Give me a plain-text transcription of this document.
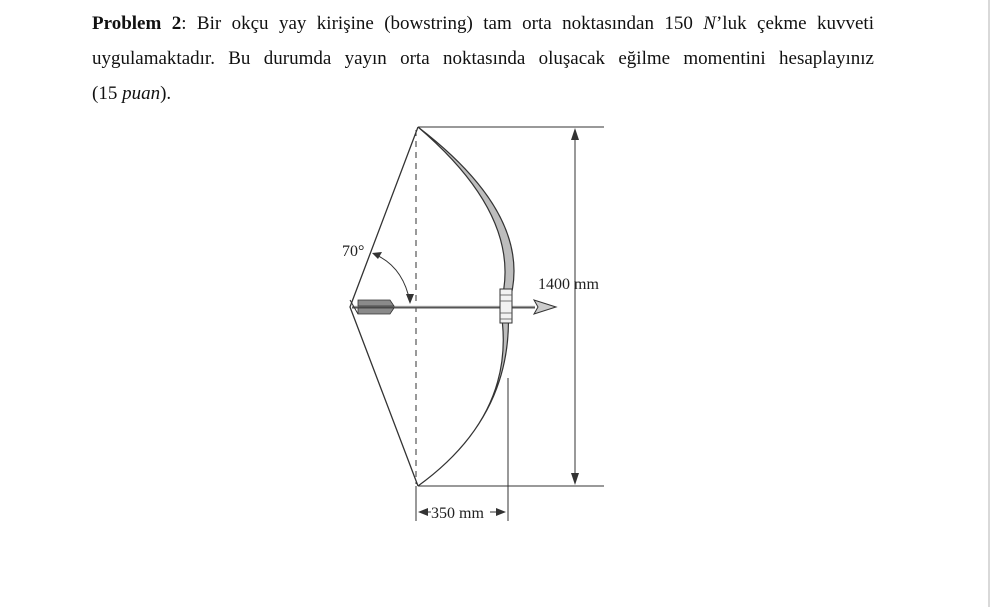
Problem 2: Bir okçu yay kirişine (bowstring) tam orta noktasından 150 N’luk çekme kuvveti uygulamaktadır. Bu durumda yayın orta noktasında oluşacak eğilme momentini hesaplayınız (15 puan).

1400 mm
350 mm
70°
